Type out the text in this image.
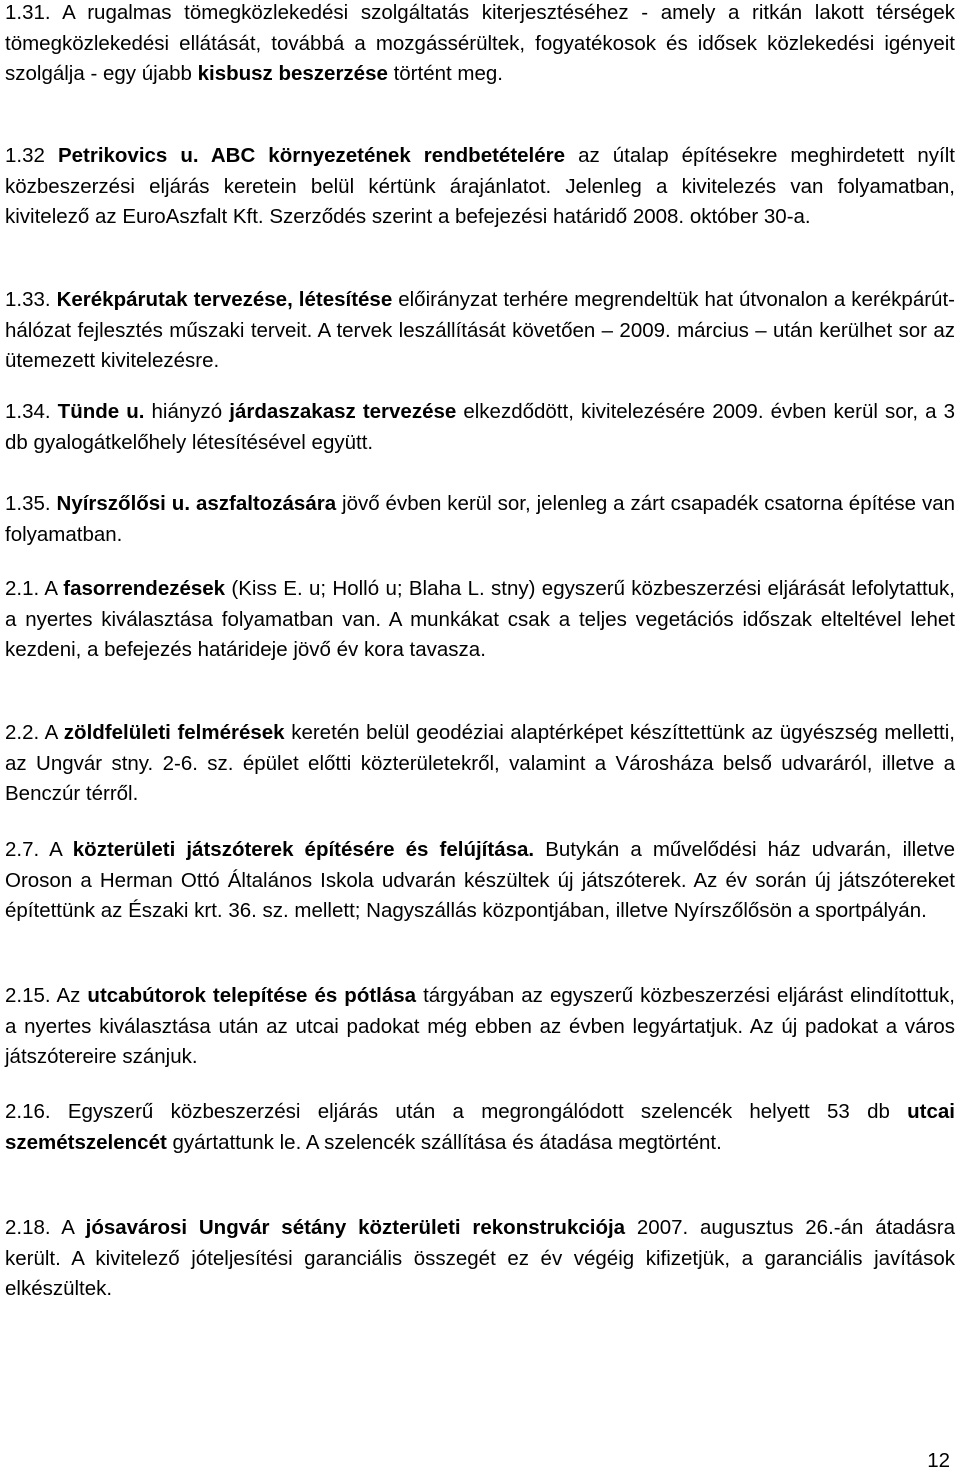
1.31. A rugalmas tömegközlekedési szolgáltatás kiterjesztéséhez - amely a ritkán lakott térségek tömegközlekedési ellátását, továbbá a mozgássérültek, fogyatékosok és idősek közlekedési igényeit szolgálja - egy újabb kisbusz beszerzése történt meg.

1.32 Petrikovics u. ABC környezetének rendbetételére az útalap építésekre meghirdetett nyílt közbeszerzési eljárás keretein belül kértünk árajánlatot. Jelenleg a kivitelezés van folyamatban, kivitelező az EuroAszfalt Kft. Szerződés szerint a befejezési határidő 2008. október 30-a.

1.33. Kerékpárutak tervezése, létesítése előirányzat terhére megrendeltük hat útvonalon a kerékpárút-hálózat fejlesztés műszaki terveit. A tervek leszállítását követően – 2009. március – után kerülhet sor az ütemezett kivitelezésre.

1.34. Tünde u. hiányzó járdaszakasz tervezése elkezdődött, kivitelezésére 2009. évben kerül sor, a 3 db gyalogátkelőhely létesítésével együtt.

1.35. Nyírszőlősi u. aszfaltozására jövő évben kerül sor, jelenleg a zárt csapadék csatorna építése van folyamatban.

2.1. A fasorrendezések (Kiss E. u; Holló u; Blaha L. stny) egyszerű közbeszerzési eljárását lefolytattuk, a nyertes kiválasztása folyamatban van. A munkákat csak a teljes vegetációs időszak elteltével lehet kezdeni, a befejezés határideje jövő év kora tavasza.

2.2. A zöldfelületi felmérések keretén belül geodéziai alaptérképet készíttettünk az ügyészség melletti, az Ungvár stny. 2-6. sz. épület előtti közterületekről, valamint a Városháza belső udvaráról, illetve a Benczúr térről.

2.7. A közterületi játszóterek építésére és felújítása. Butykán a művelődési ház udvarán, illetve Oroson a Herman Ottó Általános Iskola udvarán készültek új játszóterek. Az év során új játszótereket építettünk az Északi krt. 36. sz. mellett; Nagyszállás központjában, illetve Nyírszőlősön a sportpályán.

2.15. Az utcabútorok telepítése és pótlása tárgyában az egyszerű közbeszerzési eljárást elindítottuk, a nyertes kiválasztása után az utcai padokat még ebben az évben legyártatjuk. Az új padokat a város játszótereire szánjuk.

2.16. Egyszerű közbeszerzési eljárás után a megrongálódott szelencék helyett 53 db utcai szemétszelencét gyártattunk le. A szelencék szállítása és átadása megtörtént.

2.18. A jósavárosi Ungvár sétány közterületi rekonstrukciója 2007. augusztus 26.-án átadásra került. A kivitelező jóteljesítési garanciális összegét ez év végéig kifizetjük, a garanciális javítások elkészültek.

12
